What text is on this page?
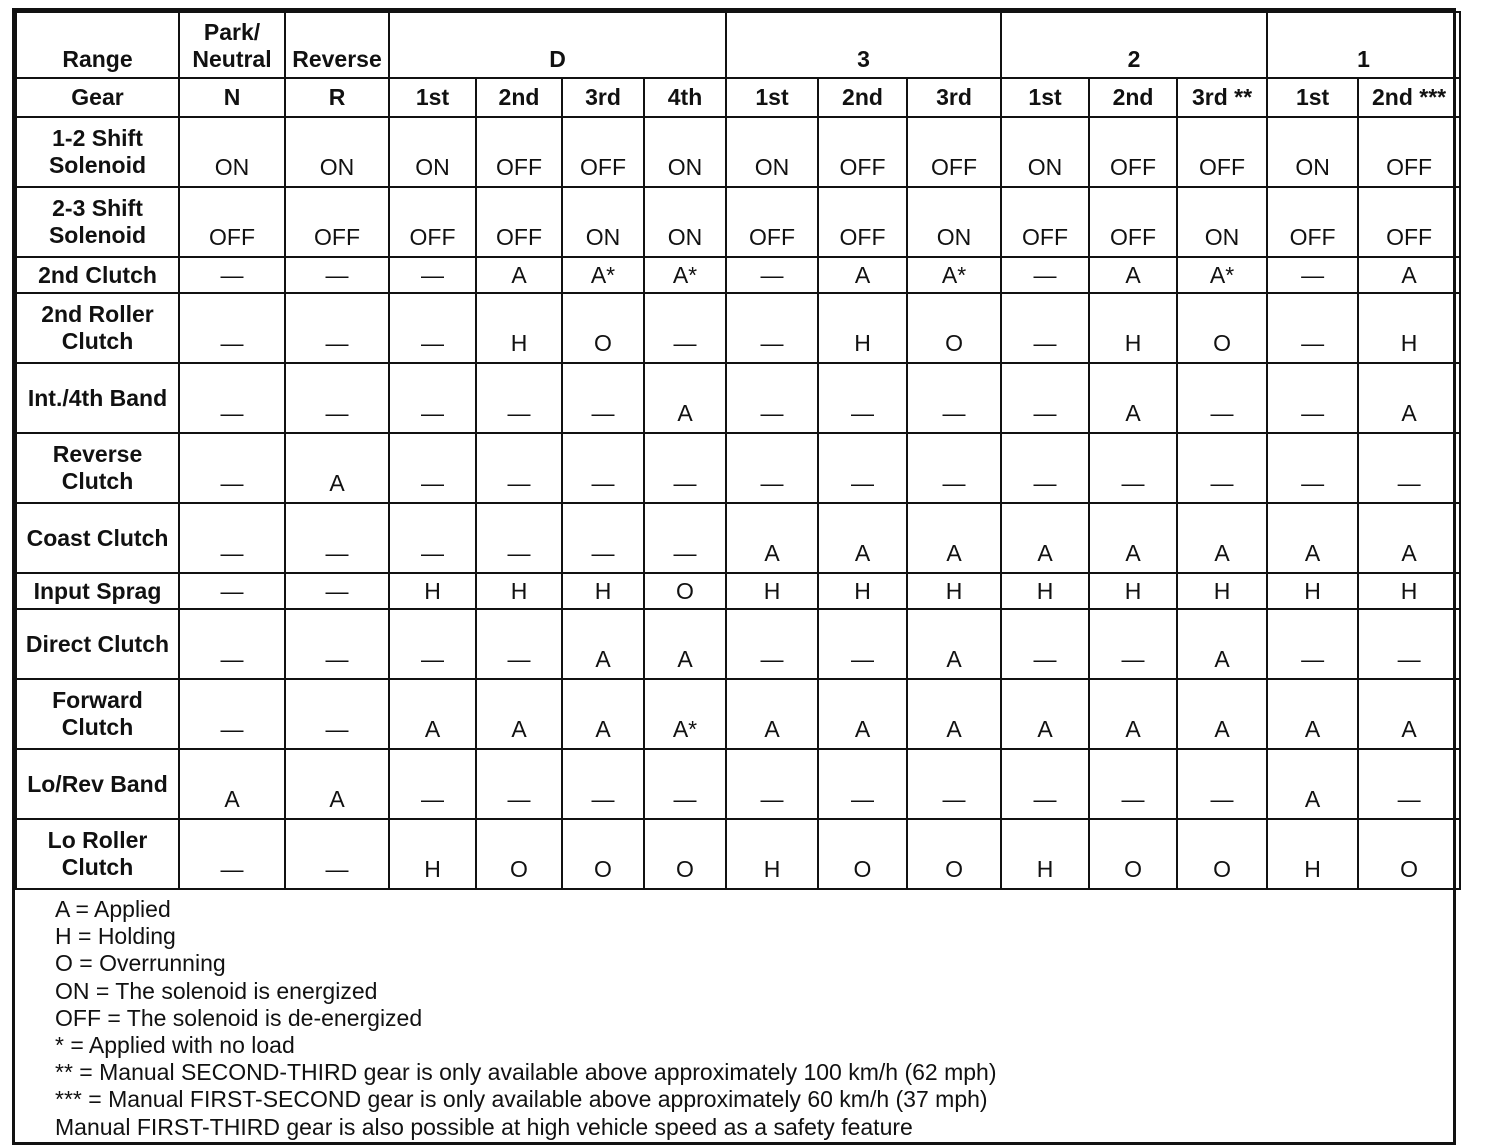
Range	Park/ Neutral	Reverse	D				3			2			1	
Gear	N	R	1st	2nd	3rd	4th	1st	2nd	3rd	1st	2nd	3rd **	1st	2nd ***
1-2 Shift Solenoid	ON	ON	ON	OFF	OFF	ON	ON	OFF	OFF	ON	OFF	OFF	ON	OFF
2-3 Shift Solenoid	OFF	OFF	OFF	OFF	ON	ON	OFF	OFF	ON	OFF	OFF	ON	OFF	OFF
2nd Clutch	—	—	—	A	A*	A*	—	A	A*	—	A	A*	—	A
2nd Roller Clutch	—	—	—	H	O	—	—	H	O	—	H	O	—	H
Int./4th Band	—	—	—	—	—	A	—	—	—	—	A	—	—	A
Reverse Clutch	—	A	—	—	—	—	—	—	—	—	—	—	—	—
Coast Clutch	—	—	—	—	—	—	A	A	A	A	A	A	A	A
Input Sprag	—	—	H	H	H	O	H	H	H	H	H	H	H	H
Direct Clutch	—	—	—	—	A	A	—	—	A	—	—	A	—	—
Forward Clutch	—	—	A	A	A	A*	A	A	A	A	A	A	A	A
Lo/Rev Band	A	A	—	—	—	—	—	—	—	—	—	—	A	—
Lo Roller Clutch	—	—	H	O	O	O	H	O	O	H	O	O	H	O
A = Applied
H = Holding
O = Overrunning
ON = The solenoid is energized
OFF = The solenoid is de-energized
* = Applied with no load
** = Manual SECOND-THIRD gear is only available above approximately 100 km/h (62 mph)
*** = Manual FIRST-SECOND gear is only available above approximately 60 km/h (37 mph)
Manual FIRST-THIRD gear is also possible at high vehicle speed as a safety feature
